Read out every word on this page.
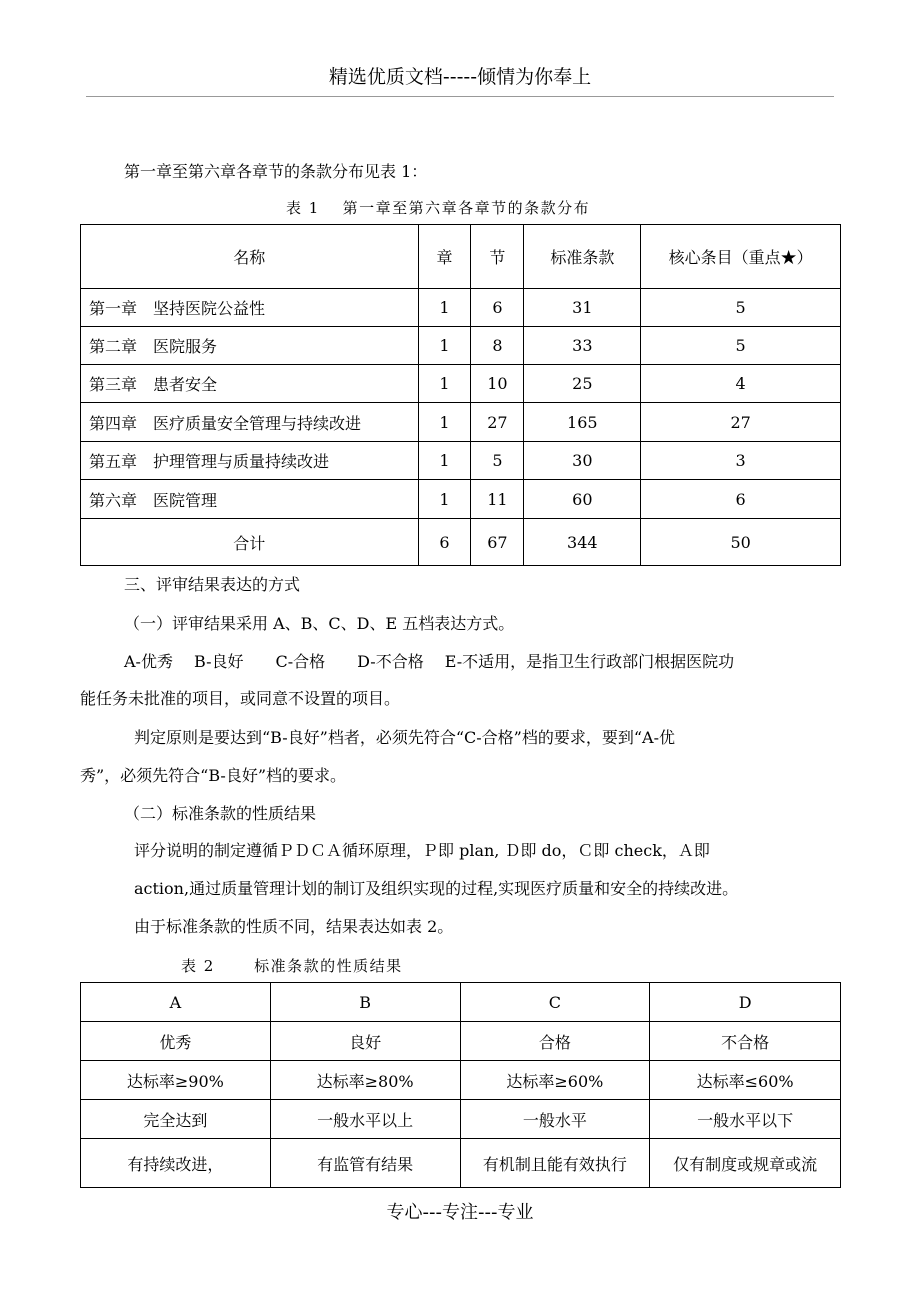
精选优质文档-----倾情为你奉上
第一章至第六章各章节的条款分布见表 1：
表 1　 第一章至第六章各章节的条款分布
名称	章	节	标准条款	核心条目（重点★）
第一章　坚持医院公益性	1	6	31	5
第二章　医院服务	1	8	33	5
第三章　患者安全	1	10	25	4
第四章　医疗质量安全管理与持续改进	1	27	165	27
第五章　护理管理与质量持续改进	1	5	30	3
第六章　医院管理	1	11	60	6
合计	6	67	344	50
三、评审结果表达的方式
（一）评审结果采用 A、B、C、D、E 五档表达方式。
A-优秀　 B-良好　　C-合格　　D-不合格　 E-不适用，是指卫生行政部门根据医院功
能任务未批准的项目，或同意不设置的项目。
判定原则是要达到“B-良好”档者，必须先符合“C-合格”档的要求，要到“A-优
秀”，必须先符合“B-良好”档的要求。
（二）标准条款的性质结果
评分说明的制定遵循ＰＤＣＡ循环原理，Ｐ即 plan, Ｄ即 do，Ｃ即 check，Ａ即
action,通过质量管理计划的制订及组织实现的过程,实现医疗质量和安全的持续改进。
由于标准条款的性质不同，结果表达如表 2。
表 2　　 标准条款的性质结果
A	B	C	D
优秀	良好	合格	不合格
达标率≥90%	达标率≥80%	达标率≥60%	达标率≤60%
完全达到	一般水平以上	一般水平	一般水平以下
有持续改进，	有监管有结果	有机制且能有效执行	仅有制度或规章或流
专心---专注---专业
